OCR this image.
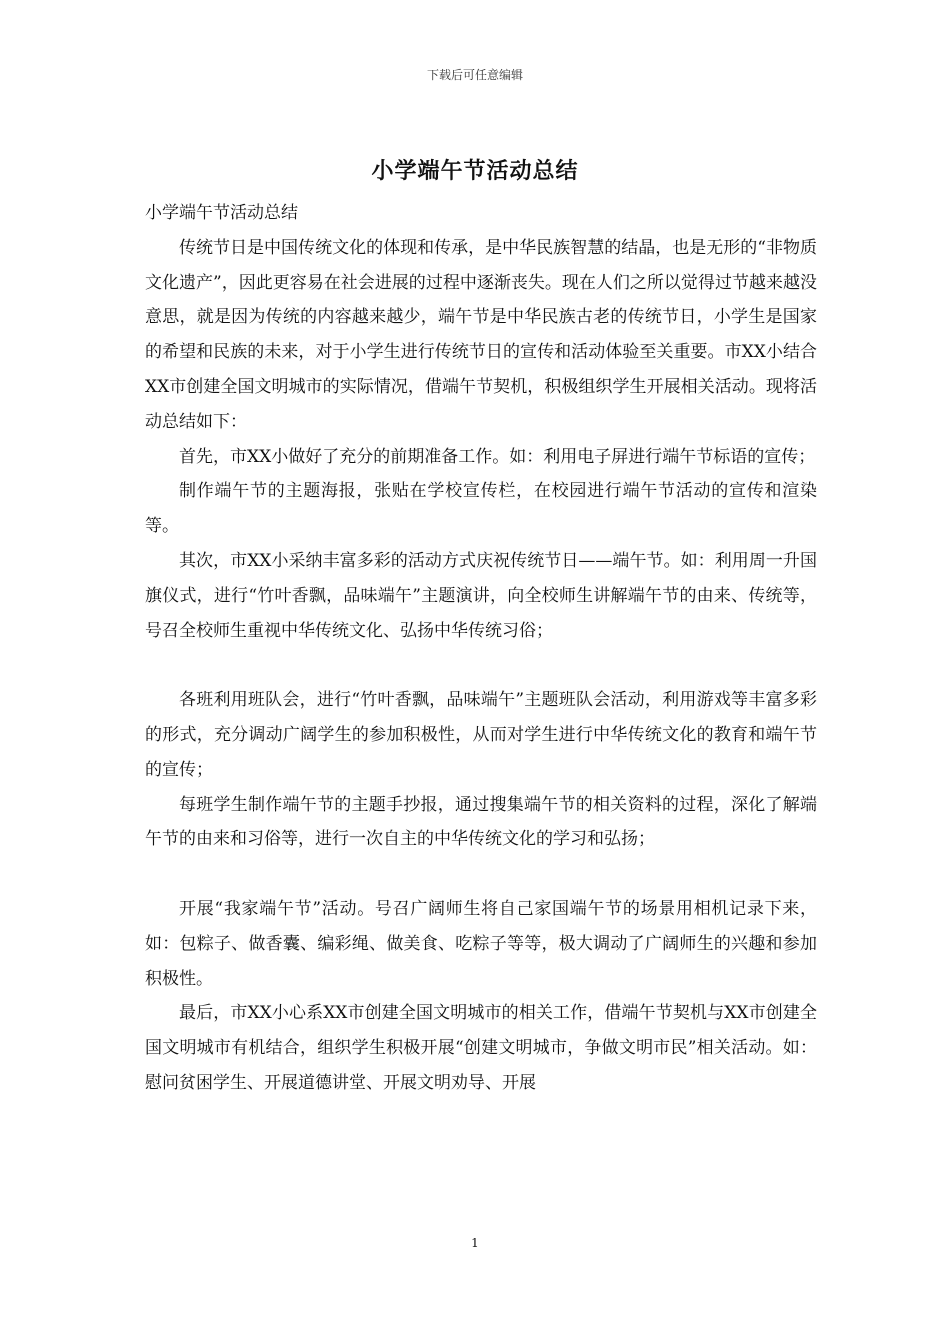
下载后可任意编辑
小学端午节活动总结

小学端午节活动总结

传统节日是中国传统文化的体现和传承，是中华民族智慧的结晶，也是无形的“非物质文化遗产”，因此更容易在社会进展的过程中逐渐丧失。现在人们之所以觉得过节越来越没意思，就是因为传统的内容越来越少，端午节是中华民族古老的传统节日，小学生是国家的希望和民族的未来，对于小学生进行传统节日的宣传和活动体验至关重要。市XX小结合XX市创建全国文明城市的实际情况，借端午节契机，积极组织学生开展相关活动。现将活动总结如下：

首先，市XX小做好了充分的前期准备工作。如：利用电子屏进行端午节标语的宣传；

制作端午节的主题海报，张贴在学校宣传栏，在校园进行端午节活动的宣传和渲染等。

其次，市XX小采纳丰富多彩的活动方式庆祝传统节日——端午节。如：利用周一升国旗仪式，进行“竹叶香飘，品味端午”主题演讲，向全校师生讲解端午节的由来、传统等，号召全校师生重视中华传统文化、弘扬中华传统习俗；

各班利用班队会，进行“竹叶香飘，品味端午”主题班队会活动，利用游戏等丰富多彩的形式，充分调动广阔学生的参加积极性，从而对学生进行中华传统文化的教育和端午节的宣传；

每班学生制作端午节的主题手抄报，通过搜集端午节的相关资料的过程，深化了解端午节的由来和习俗等，进行一次自主的中华传统文化的学习和弘扬；

开展“我家端午节”活动。号召广阔师生将自己家国端午节的场景用相机记录下来，如：包粽子、做香囊、编彩绳、做美食、吃粽子等等，极大调动了广阔师生的兴趣和参加积极性。

最后，市XX小心系XX市创建全国文明城市的相关工作，借端午节契机与XX市创建全国文明城市有机结合，组织学生积极开展“创建文明城市，争做文明市民”相关活动。如：慰问贫困学生、开展道德讲堂、开展文明劝导、开展

1
